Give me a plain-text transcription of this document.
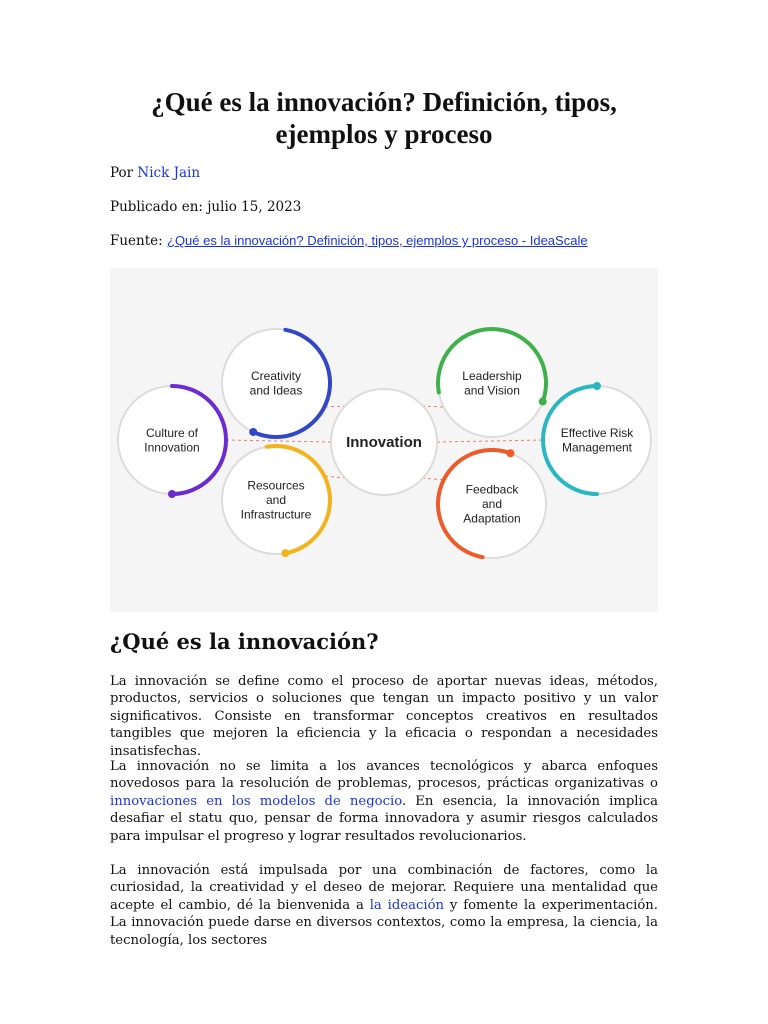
¿Qué es la innovación? Definición, tipos, ejemplos y proceso

Por Nick Jain

Publicado en: julio 15, 2023

Fuente: ¿Qué es la innovación? Definición, tipos, ejemplos y proceso - IdeaScale

Creativity
and Ideas
Leadership
and Vision
Culture of
Innovation
Effective Risk
Management
Resources
and
Infrastructure
Feedback
and
Adaptation
Innovation
¿Qué es la innovación?

La innovación se define como el proceso de aportar nuevas ideas, métodos, productos, servicios o soluciones que tengan un impacto positivo y un valor significativos. Consiste en transformar conceptos creativos en resultados tangibles que mejoren la eficiencia y la eficacia o respondan a necesidades insatisfechas.

La innovación no se limita a los avances tecnológicos y abarca enfoques novedosos para la resolución de problemas, procesos, prácticas organizativas o innovaciones en los modelos de negocio. En esencia, la innovación implica desafiar el statu quo, pensar de forma innovadora y asumir riesgos calculados para impulsar el progreso y lograr resultados revolucionarios.

La innovación está impulsada por una combinación de factores, como la curiosidad, la creatividad y el deseo de mejorar. Requiere una mentalidad que acepte el cambio, dé la bienvenida a la ideación y fomente la experimentación. La innovación puede darse en diversos contextos, como la empresa, la ciencia, la tecnología, los sectores
